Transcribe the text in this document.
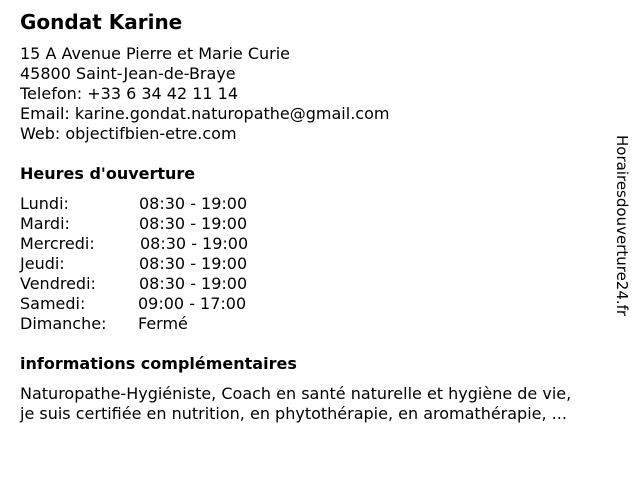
Gondat Karine
15 A Avenue Pierre et Marie Curie
45800 Saint-Jean-de-Braye
Telefon: +33 6 34 42 11 14
Email: karine.gondat.naturopathe@gmail.com
Web: objectifbien-etre.com
Heures d'ouverture
Lundi:	08:30 - 19:00
Mardi:	08:30 - 19:00
Mercredi:	08:30 - 19:00
Jeudi:	08:30 - 19:00
Vendredi:	08:30 - 19:00
Samedi:	09:00 - 17:00
Dimanche: Fermé
informations complémentaires
Naturopathe-Hygiéniste, Coach en santé naturelle et hygiène de vie,
je suis certifiée en nutrition, en phytothérapie, en aromathérapie, ...
Horairesdouverture24.fr
